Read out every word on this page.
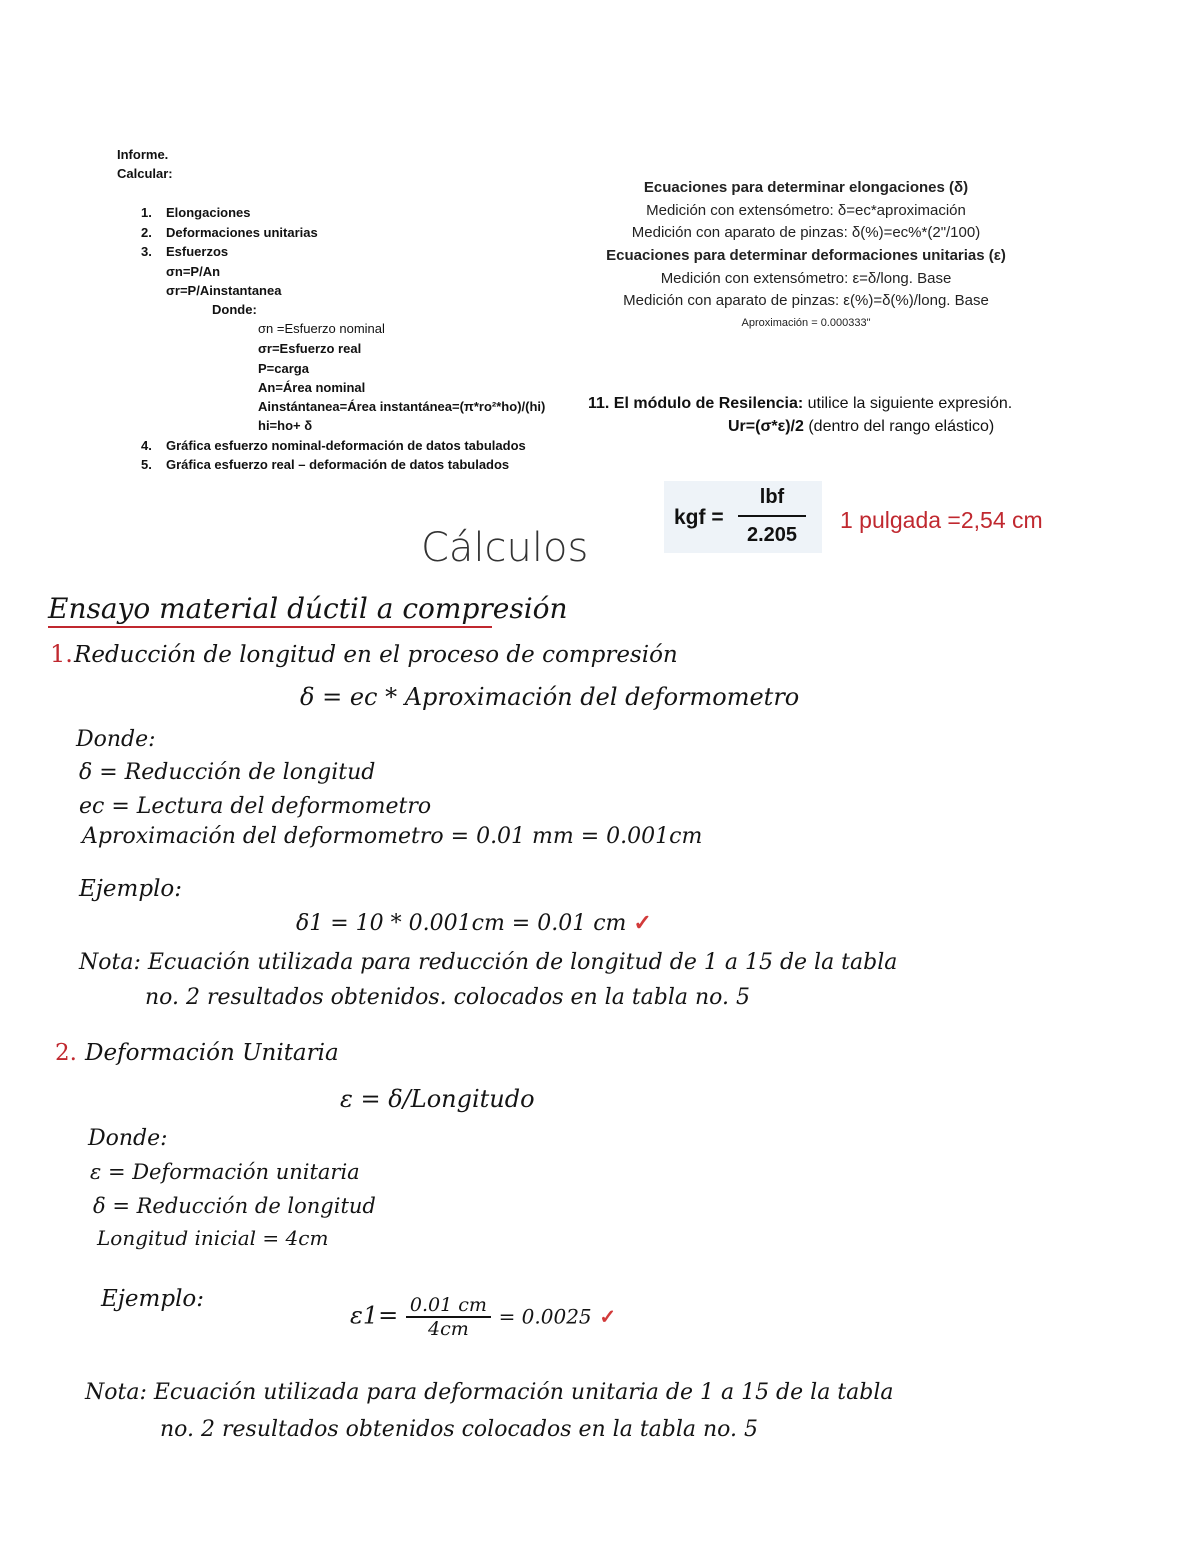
Informe.
Calcular:
1. Elongaciones
2. Deformaciones unitarias
3. Esfuerzos
σn=P/An
σr=P/Ainstantanea
Donde:
σn =Esfuerzo nominal
σr=Esfuerzo real
P=carga
An=Área nominal
Ainstántanea=Área instantánea=(π*ro²*ho)/(hi)
hi=ho+ δ
4. Gráfica esfuerzo nominal-deformación de datos tabulados
5. Gráfica esfuerzo real – deformación de datos tabulados
Ecuaciones para determinar elongaciones (δ)
Medición con extensómetro: δ=ec*aproximación
Medición con aparato de pinzas: δ(%)=ec%*(2"/100)
Ecuaciones para determinar deformaciones unitarias (ε)
Medición con extensómetro: ε=δ/long. Base
Medición con aparato de pinzas: ε(%)=δ(%)/long. Base
Aproximación = 0.000333"
11. El módulo de Resilencia: utilice la siguiente expresión.
Ur=(σ*ε)/2 (dentro del rango elástico)
kgf =
lbf
2.205
1 pulgada =2,54 cm
Cálculos
Ensayo material dúctil a compresión
1. Reducción de longitud en el proceso de compresión
δ = ec * Aproximación del deformometro
Donde:
δ = Reducción de longitud
ec = Lectura del deformometro
Aproximación del deformometro = 0.01 mm = 0.001cm
Ejemplo:
δ1 = 10 * 0.001cm = 0.01 cm ✓
Nota: Ecuación utilizada para reducción de longitud de 1 a 15 de la tabla
no. 2 resultados obtenidos. colocados en la tabla no. 5
2. Deformación Unitaria
ε = δ/Longitudo
Donde:
ε = Deformación unitaria
δ = Reducción de longitud
Longitud inicial = 4cm
Ejemplo:
$\varepsilon 1= \frac{0.01 cm}{4cm} = 0.0025$ ✓
Nota: Ecuación utilizada para deformación unitaria de 1 a 15 de la tabla
no. 2 resultados obtenidos colocados en la tabla no. 5
